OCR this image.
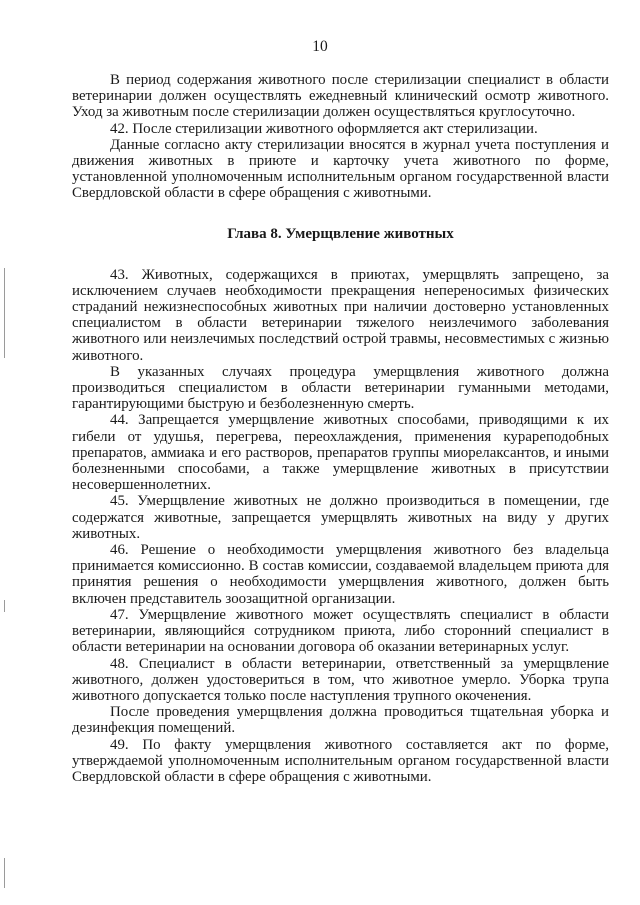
10

В период содержания животного после стерилизации специалист в области ветеринарии должен осуществлять ежедневный клинический осмотр животного. Уход за животным после стерилизации должен осуществляться круглосуточно.

42. После стерилизации животного оформляется акт стерилизации.

Данные согласно акту стерилизации вносятся в журнал учета поступления и движения животных в приюте и карточку учета животного по форме, установленной уполномоченным исполнительным органом государственной власти Свердловской области в сфере обращения с животными.

Глава 8. Умерщвление животных

43. Животных, содержащихся в приютах, умерщвлять запрещено, за исключением случаев необходимости прекращения непереносимых физических страданий нежизнеспособных животных при наличии достоверно установленных специалистом в области ветеринарии тяжелого неизлечимого заболевания животного или неизлечимых последствий острой травмы, несовместимых с жизнью животного.

В указанных случаях процедура умерщвления животного должна производиться специалистом в области ветеринарии гуманными методами, гарантирующими быструю и безболезненную смерть.

44. Запрещается умерщвление животных способами, приводящими к их гибели от удушья, перегрева, переохлаждения, применения курареподобных препаратов, аммиака и его растворов, препаратов группы миорелаксантов, и иными болезненными способами, а также умерщвление животных в присутствии несовершеннолетних.

45. Умерщвление животных не должно производиться в помещении, где содержатся животные, запрещается умерщвлять животных на виду у других животных.

46. Решение о необходимости умерщвления животного без владельца принимается комиссионно. В состав комиссии, создаваемой владельцем приюта для принятия решения о необходимости умерщвления животного, должен быть включен представитель зоозащитной организации.

47. Умерщвление животного может осуществлять специалист в области ветеринарии, являющийся сотрудником приюта, либо сторонний специалист в области ветеринарии на основании договора об оказании ветеринарных услуг.

48. Специалист в области ветеринарии, ответственный за умерщвление животного, должен удостовериться в том, что животное умерло. Уборка трупа животного допускается только после наступления трупного окоченения.

После проведения умерщвления должна проводиться тщательная уборка и дезинфекция помещений.

49. По факту умерщвления животного составляется акт по форме, утверждаемой уполномоченным исполнительным органом государственной власти Свердловской области в сфере обращения с животными.
